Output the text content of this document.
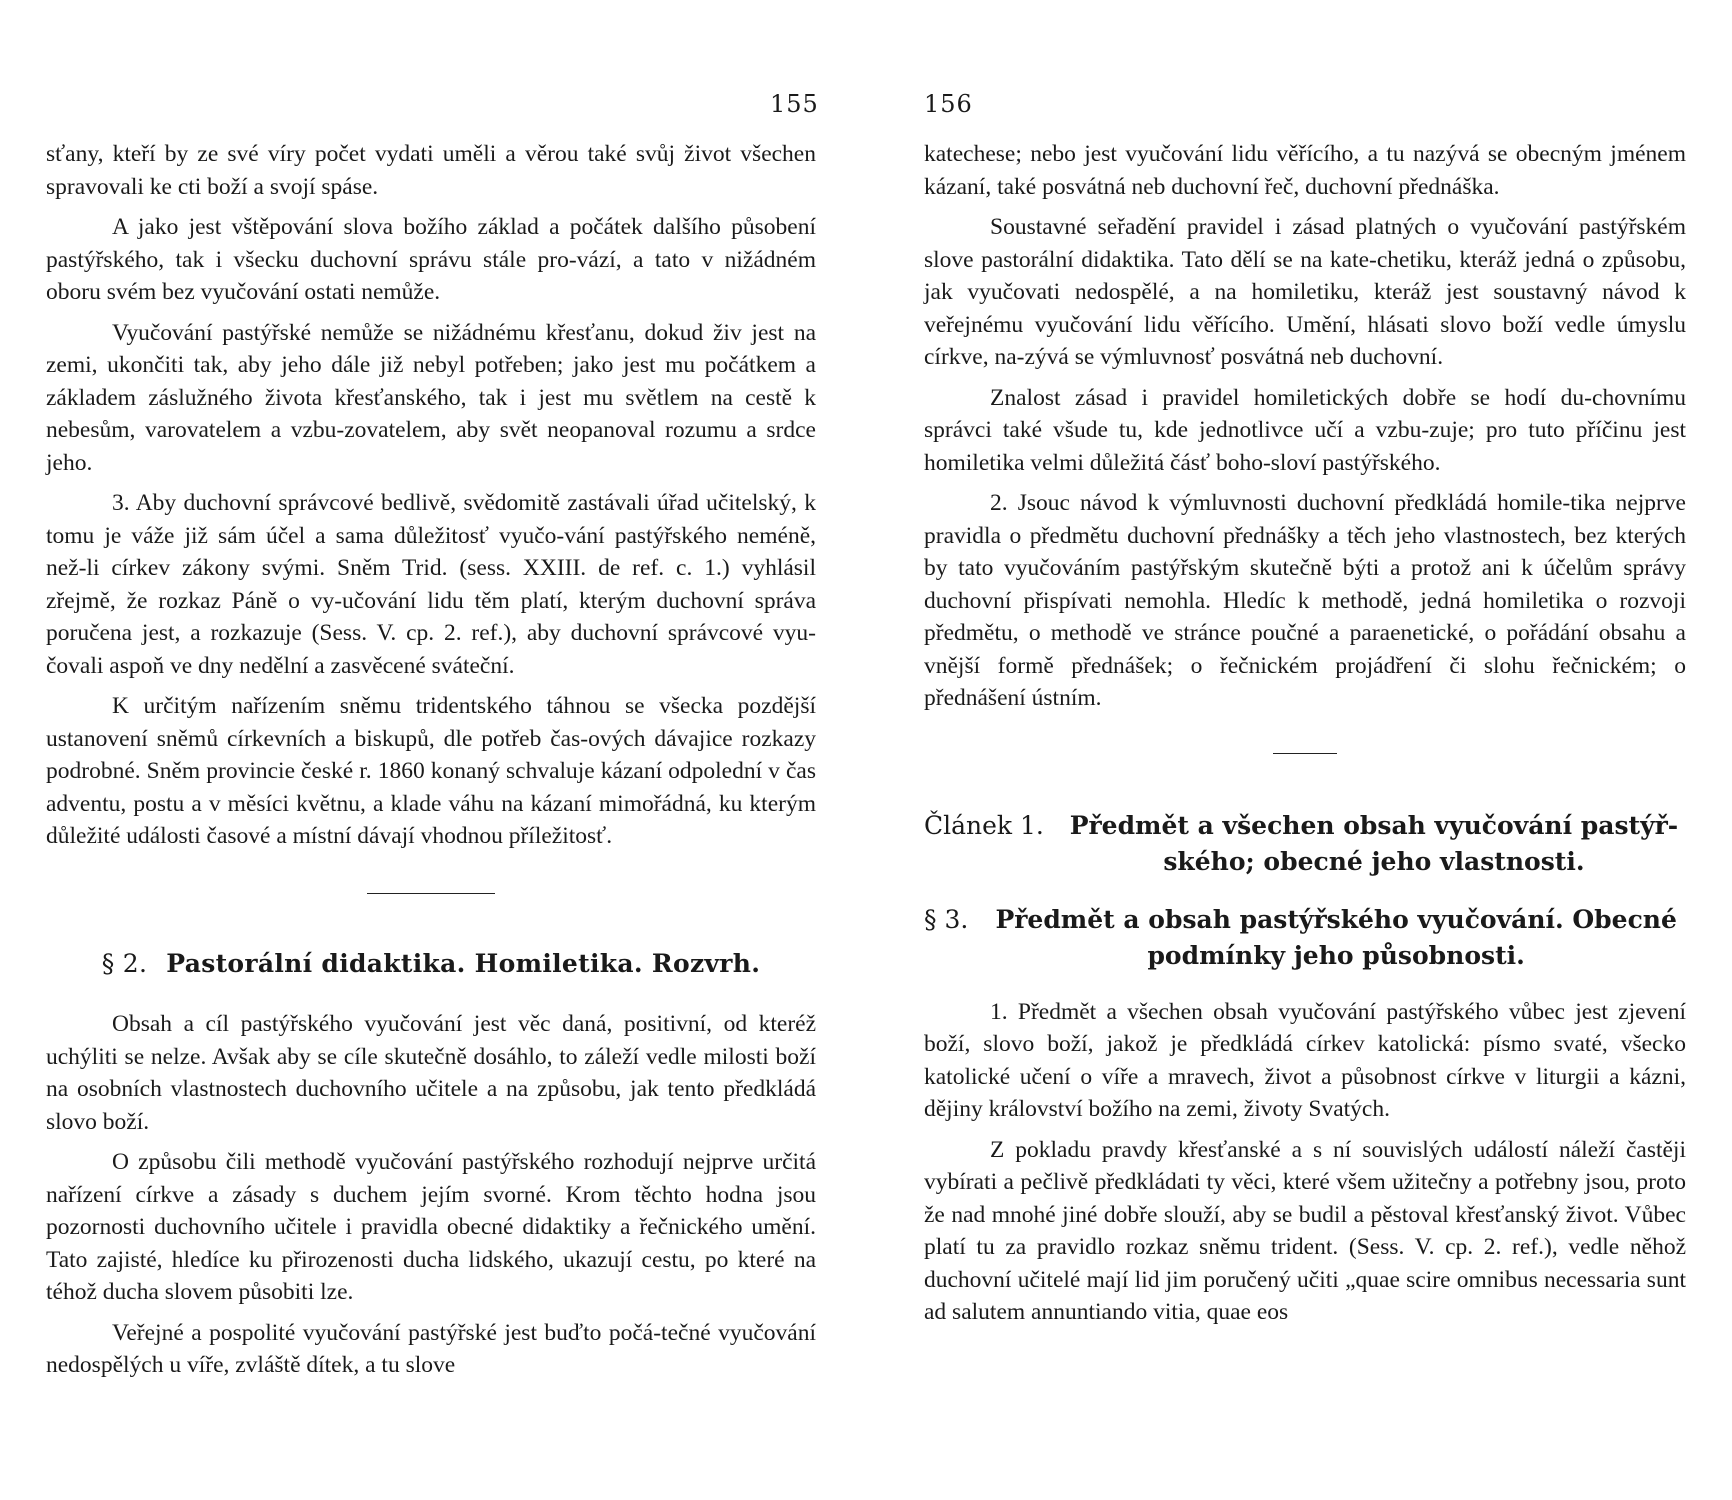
155

sťany, kteří by ze své víry počet vydati uměli a věrou také svůj život všechen spravovali ke cti boží a svojí spáse.

A jako jest vštěpování slova božího základ a počátek dalšího působení pastýřského, tak i všecku duchovní správu stále pro-vází, a tato v nižádném oboru svém bez vyučování ostati nemůže.

Vyučování pastýřské nemůže se nižádnému křesťanu, dokud živ jest na zemi, ukončiti tak, aby jeho dále již nebyl potřeben; jako jest mu počátkem a základem záslužného života křesťanského, tak i jest mu světlem na cestě k nebesům, varovatelem a vzbu-zovatelem, aby svět neopanoval rozumu a srdce jeho.

3. Aby duchovní správcové bedlivě, svědomitě zastávali úřad učitelský, k tomu je váže již sám účel a sama důležitosť vyučo-vání pastýřského neméně, než-li církev zákony svými. Sněm Trid. (sess. XXIII. de ref. c. 1.) vyhlásil zřejmě, že rozkaz Páně o vy-učování lidu těm platí, kterým duchovní správa poručena jest, a rozkazuje (Sess. V. cp. 2. ref.), aby duchovní správcové vyu-čovali aspoň ve dny nedělní a zasvěcené sváteční.

K určitým nařízením sněmu tridentského táhnou se všecka pozdější ustanovení sněmů církevních a biskupů, dle potřeb čas-ových dávajice rozkazy podrobné. Sněm provincie české r. 1860 konaný schvaluje kázaní odpolední v čas adventu, postu a v měsíci květnu, a klade váhu na kázaní mimořádná, ku kterým důležité události časové a místní dávají vhodnou příležitosť.

§ 2. Pastorální didaktika. Homiletika. Rozvrh.

Obsah a cíl pastýřského vyučování jest věc daná, positivní, od kteréž uchýliti se nelze. Avšak aby se cíle skutečně dosáhlo, to záleží vedle milosti boží na osobních vlastnostech duchovního učitele a na způsobu, jak tento předkládá slovo boží.

O způsobu čili methodě vyučování pastýřského rozhodují nejprve určitá nařízení církve a zásady s duchem jejím svorné. Krom těchto hodna jsou pozornosti duchovního učitele i pravidla obecné didaktiky a řečnického umění. Tato zajisté, hledíce ku přirozenosti ducha lidského, ukazují cestu, po které na téhož ducha slovem působiti lze.

Veřejné a pospolité vyučování pastýřské jest buďto počá-tečné vyučování nedospělých u víře, zvláště dítek, a tu slove

156

katechese; nebo jest vyučování lidu věřícího, a tu nazývá se obecným jménem kázaní, také posvátná neb duchovní řeč, duchovní přednáška.

Soustavné seřadění pravidel i zásad platných o vyučování pastýřském slove pastorální didaktika. Tato dělí se na kate-chetiku, kteráž jedná o způsobu, jak vyučovati nedospělé, a na homiletiku, kteráž jest soustavný návod k veřejnému vyučování lidu věřícího. Umění, hlásati slovo boží vedle úmyslu církve, na-zývá se výmluvnosť posvátná neb duchovní.

Znalost zásad i pravidel homiletických dobře se hodí du-chovnímu správci také všude tu, kde jednotlivce učí a vzbu-zuje; pro tuto příčinu jest homiletika velmi důležitá čásť boho-sloví pastýřského.

2. Jsouc návod k výmluvnosti duchovní předkládá homile-tika nejprve pravidla o předmětu duchovní přednášky a těch jeho vlastnostech, bez kterých by tato vyučováním pastýřským skutečně býti a protož ani k účelům správy duchovní přispívati nemohla. Hledíc k methodě, jedná homiletika o rozvoji předmětu, o methodě ve stránce poučné a paraenetické, o pořádání obsahu a vnější formě přednášek; o řečnickém projádření či slohu řečnickém; o přednášení ústním.

Článek 1.	Předmět a všechen obsah vyučování pastýř-ského; obecné jeho vlastnosti.
§ 3.	Předmět a obsah pastýřského vyučování. Obecné podmínky jeho působnosti.

1. Předmět a všechen obsah vyučování pastýřského vůbec jest zjevení boží, slovo boží, jakož je předkládá církev katolická: písmo svaté, všecko katolické učení o víře a mravech, život a působnost církve v liturgii a kázni, dějiny království božího na zemi, životy Svatých.

Z pokladu pravdy křesťanské a s ní souvislých událostí náleží častěji vybírati a pečlivě předkládati ty věci, které všem užitečny a potřebny jsou, proto že nad mnohé jiné dobře slouží, aby se budil a pěstoval křesťanský život. Vůbec platí tu za pravidlo rozkaz sněmu trident. (Sess. V. cp. 2. ref.), vedle něhož duchovní učitelé mají lid jim poručený učiti „quae scire omnibus necessaria sunt ad salutem annuntiando vitia, quae eos
